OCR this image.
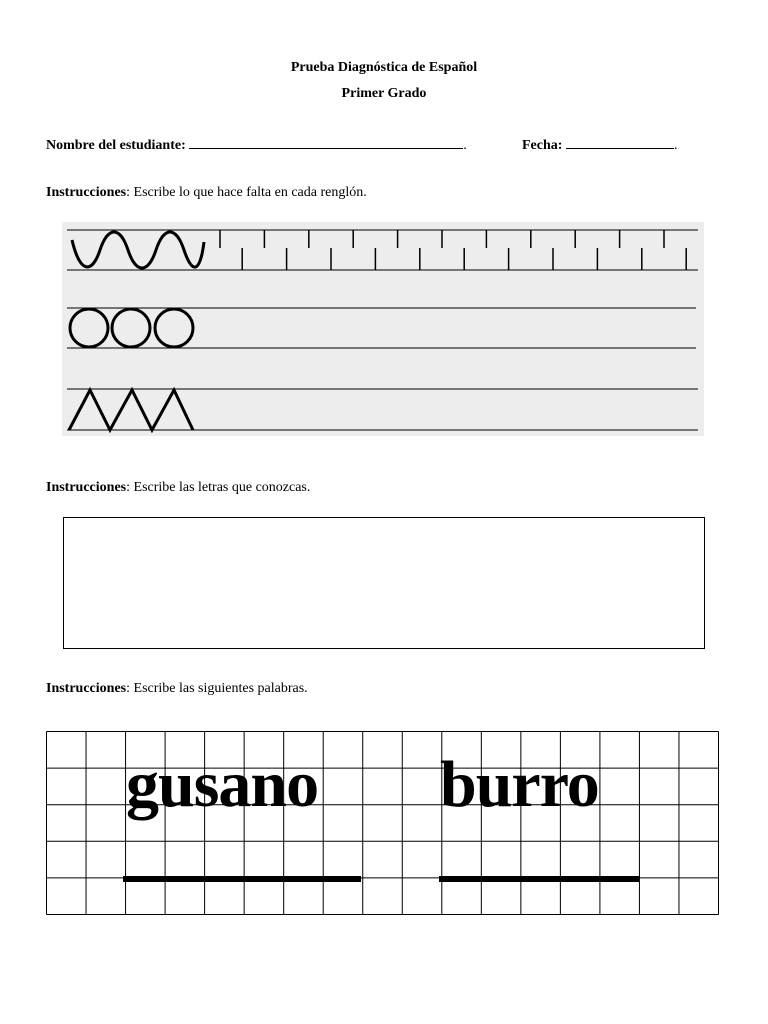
Prueba Diagnóstica de Español
Primer Grado
Nombre del estudiante:	.	Fecha:	.
Instrucciones: Escribe lo que hace falta en cada renglón.
Instrucciones: Escribe las letras que conozcas.
Instrucciones: Escribe las siguientes palabras.
gusano burro
